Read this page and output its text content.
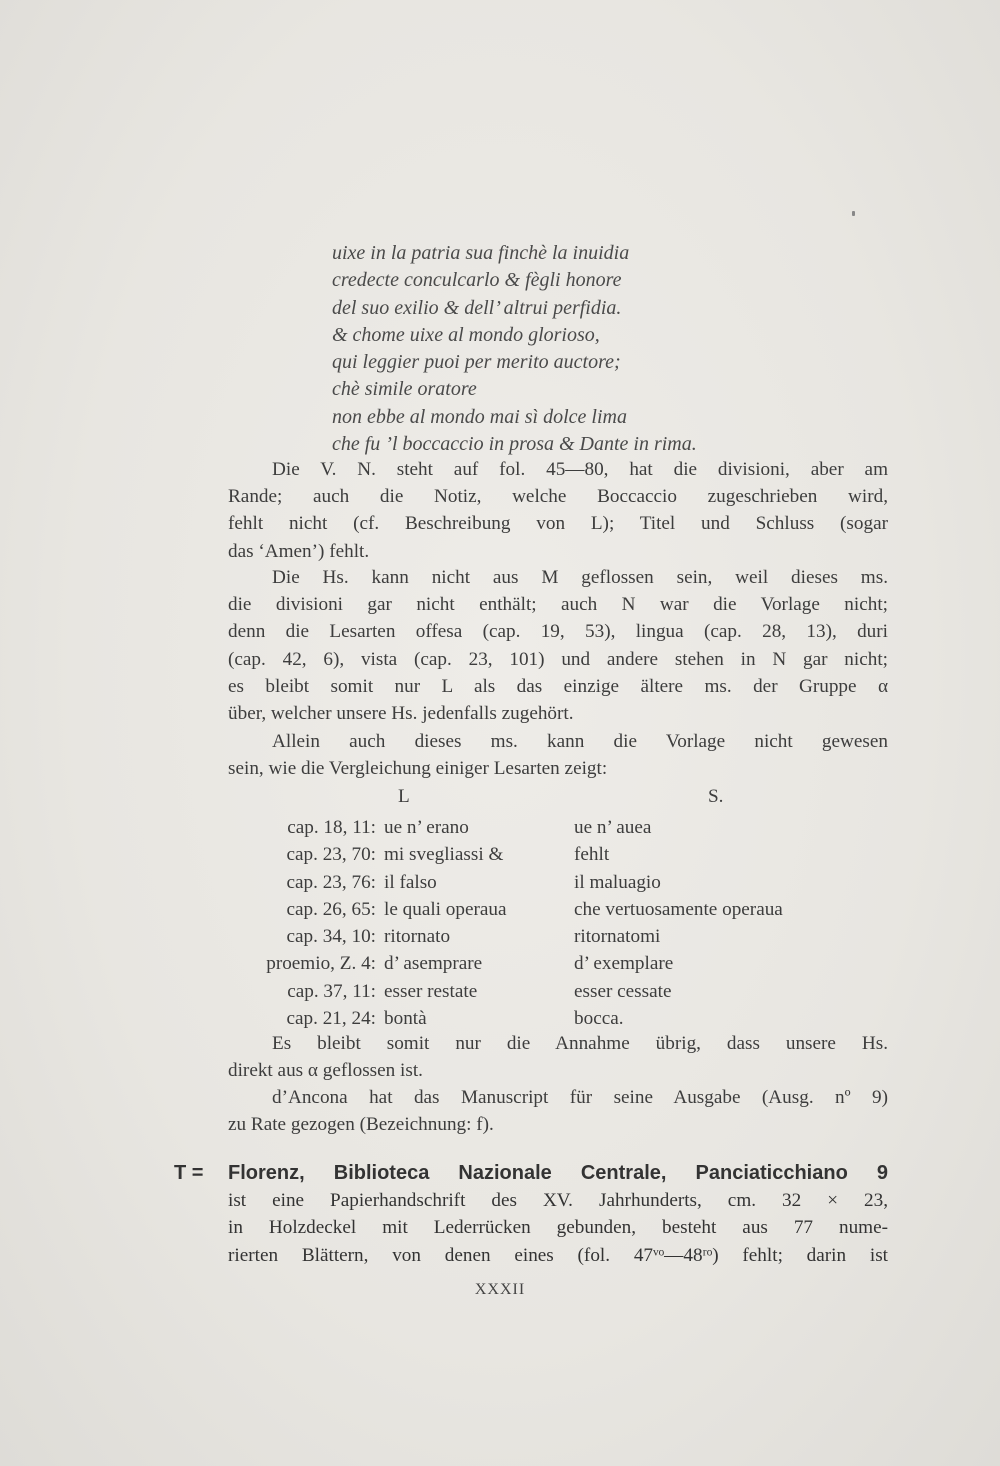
uixe in la patria sua finchè la inuidia
credecte conculcarlo & fègli honore
del suo exilio & dell’ altrui perfidia.
& chome uixe al mondo glorioso,
qui leggier puoi per merito auctore;
chè simile oratore
non ebbe al mondo mai sì dolce lima
che fu ’l boccaccio in prosa & Dante in rima.
Die V. N. steht auf fol. 45—80, hat die divisioni, aber am
Rande; auch die Notiz, welche Boccaccio zugeschrieben wird,
fehlt nicht (cf. Beschreibung von L); Titel und Schluss (sogar
das ‘Amen’) fehlt.
Die Hs. kann nicht aus M geflossen sein, weil dieses ms.
die divisioni gar nicht enthält; auch N war die Vorlage nicht;
denn die Lesarten offesa (cap. 19, 53), lingua (cap. 28, 13), duri
(cap. 42, 6), vista (cap. 23, 101) und andere stehen in N gar nicht;
es bleibt somit nur L als das einzige ältere ms. der Gruppe α
über, welcher unsere Hs. jedenfalls zugehört.
Allein auch dieses ms. kann die Vorlage nicht gewesen
sein, wie die Vergleichung einiger Lesarten zeigt:
L	S.
cap. 18, 11:	ue n’ erano	ue n’ auea
cap. 23, 70:	mi svegliassi &	fehlt
cap. 23, 76:	il falso	il maluagio
cap. 26, 65:	le quali operaua	che vertuosamente operaua
cap. 34, 10:	ritornato	ritornatomi
proemio, Z. 4:	d’ asemprare	d’ exemplare
cap. 37, 11:	esser restate	esser cessate
cap. 21, 24:	bontà	bocca.
Es bleibt somit nur die Annahme übrig, dass unsere Hs.
direkt aus α geflossen ist.
d’Ancona hat das Manuscript für seine Ausgabe (Ausg. nº 9)
zu Rate gezogen (Bezeichnung: f).
T =	Florenz, Biblioteca Nazionale Centrale, Panciaticchiano 9
ist eine Papierhandschrift des XV. Jahrhunderts, cm. 32 × 23,
in Holzdeckel mit Lederrücken gebunden, besteht aus 77 nume-
rierten Blättern, von denen eines (fol. 47ᵛᵒ—48ʳᵒ) fehlt; darin ist
XXXII
